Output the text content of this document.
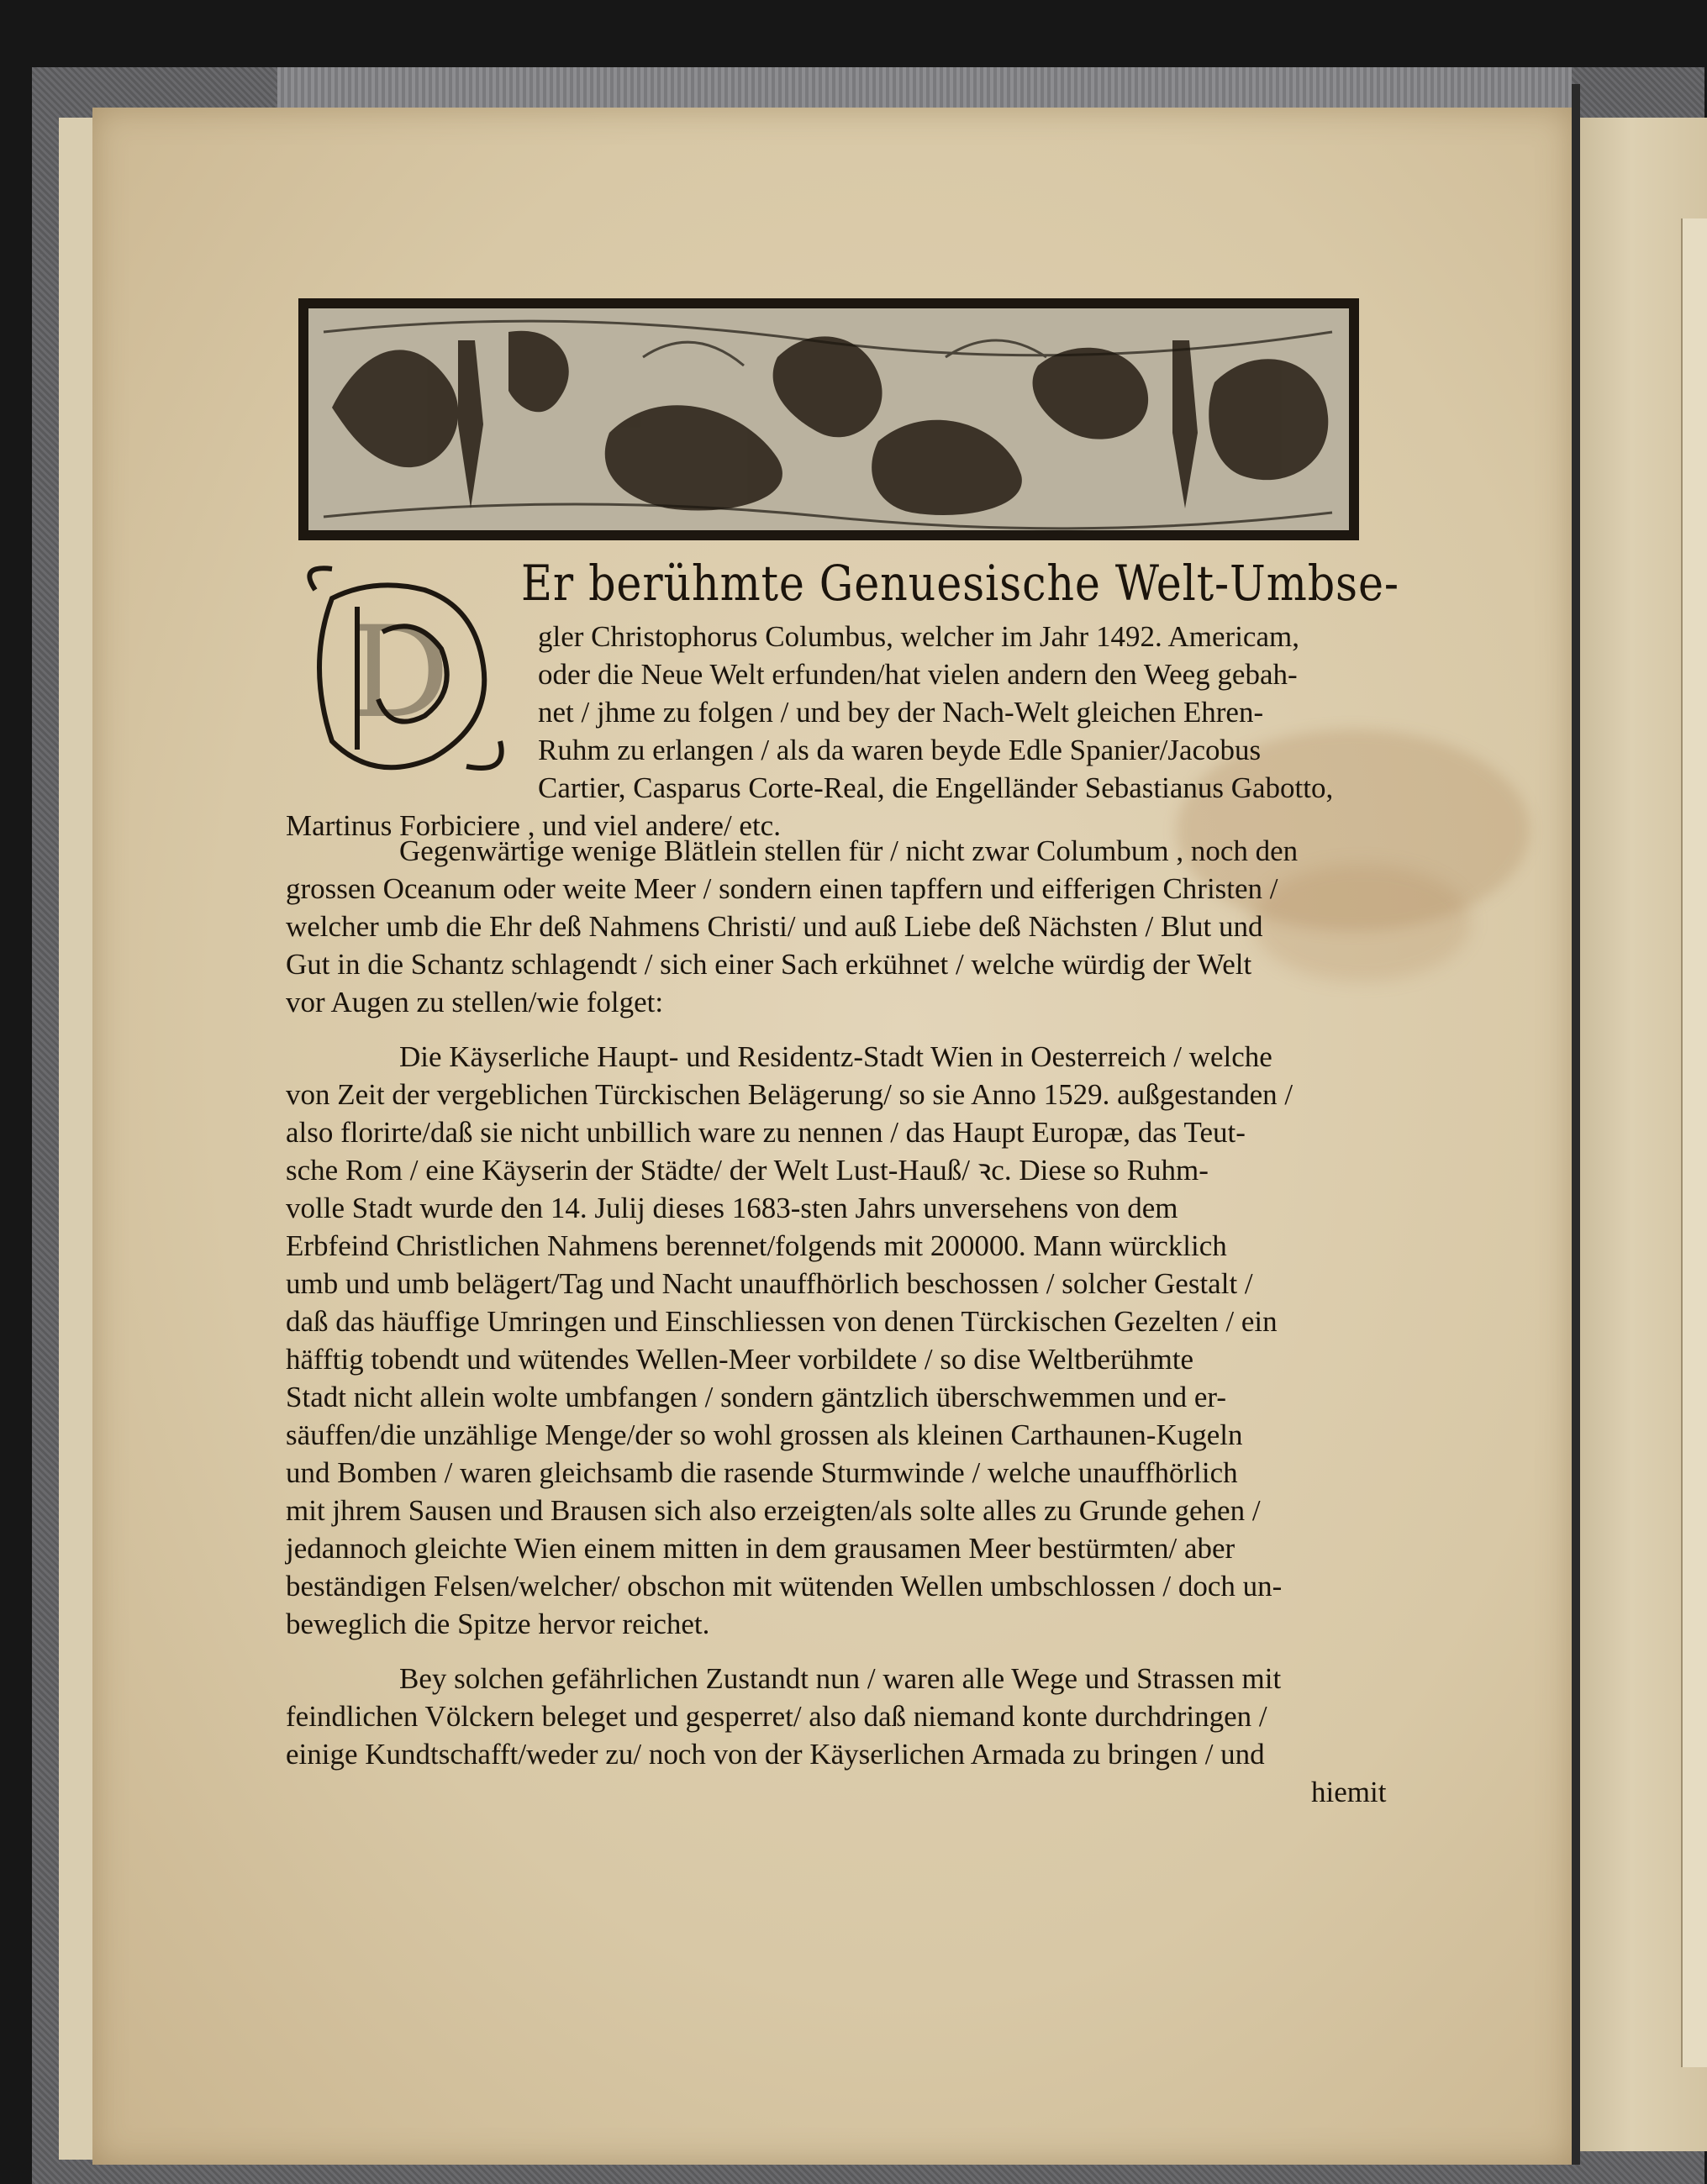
D
Er berühmte Genuesische Welt-Umbse-
gler Christophorus Columbus, welcher im Jahr 1492. Americam,
oder die Neue Welt erfunden/hat vielen andern den Weeg gebah-
net / jhme zu folgen / und bey der Nach-Welt gleichen Ehren-
Ruhm zu erlangen / als da waren beyde Edle Spanier/Jacobus
Cartier, Casparus Corte-Real, die Engelländer Sebastianus Gabotto,
Martinus Forbiciere , und viel andere/ etc.
Gegenwärtige wenige Blätlein stellen für / nicht zwar Columbum , noch den
grossen Oceanum oder weite Meer / sondern einen tapffern und eifferigen Christen /
welcher umb die Ehr deß Nahmens Christi/ und auß Liebe deß Nächsten / Blut und
Gut in die Schantz schlagendt / sich einer Sach erkühnet / welche würdig der Welt
vor Augen zu stellen/wie folget:
Die Käyserliche Haupt- und Residentz-Stadt Wien in Oesterreich / welche
von Zeit der vergeblichen Türckischen Belägerung/ so sie Anno 1529. außgestanden /
also florirte/daß sie nicht unbillich ware zu nennen / das Haupt Europæ, das Teut-
sche Rom / eine Käyserin der Städte/ der Welt Lust-Hauß/ ꝛc. Diese so Ruhm-
volle Stadt wurde den 14. Julij dieses 1683-sten Jahrs unversehens von dem
Erbfeind Christlichen Nahmens berennet/folgends mit 200000. Mann würcklich
umb und umb belägert/Tag und Nacht unauffhörlich beschossen / solcher Gestalt /
daß das häuffige Umringen und Einschliessen von denen Türckischen Gezelten / ein
häfftig tobendt und wütendes Wellen-Meer vorbildete / so dise Weltberühmte
Stadt nicht allein wolte umbfangen / sondern gäntzlich überschwemmen und er-
säuffen/die unzählige Menge/der so wohl grossen als kleinen Carthaunen-Kugeln
und Bomben / waren gleichsamb die rasende Sturmwinde / welche unauffhörlich
mit jhrem Sausen und Brausen sich also erzeigten/als solte alles zu Grunde gehen /
jedannoch gleichte Wien einem mitten in dem grausamen Meer bestürmten/ aber
beständigen Felsen/welcher/ obschon mit wütenden Wellen umbschlossen / doch un-
beweglich die Spitze hervor reichet.
Bey solchen gefährlichen Zustandt nun / waren alle Wege und Strassen mit
feindlichen Völckern beleget und gesperret/ also daß niemand konte durchdringen /
einige Kundtschafft/weder zu/ noch von der Käyserlichen Armada zu bringen / und
hiemit
